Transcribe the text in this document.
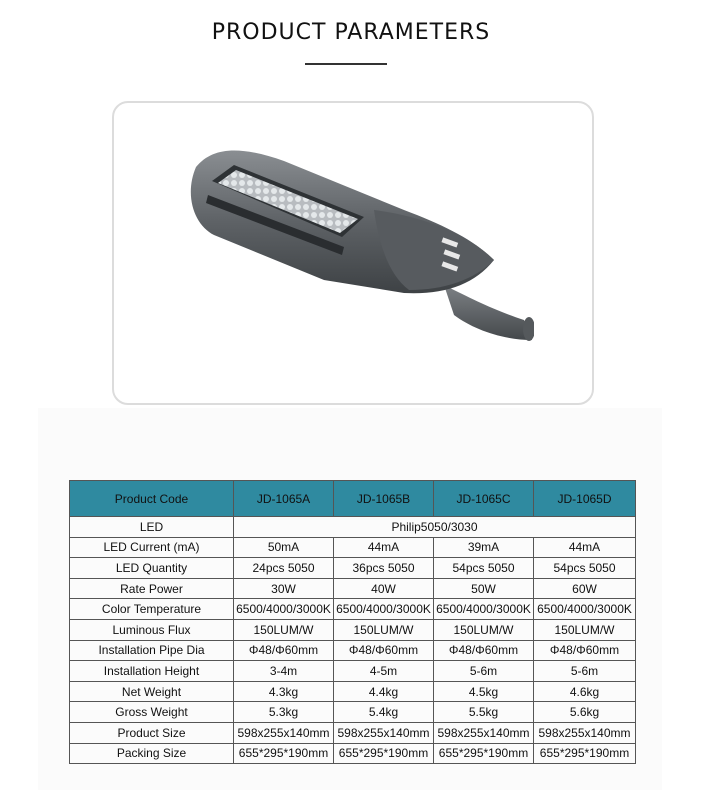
PRODUCT PARAMETERS
Product Code	JD-1065A	JD-1065B	JD-1065C	JD-1065D
LED	Philip5050/3030			
LED Current (mA)	50mA	44mA	39mA	44mA
LED Quantity	24pcs 5050	36pcs 5050	54pcs 5050	54pcs 5050
Rate Power	30W	40W	50W	60W
Color Temperature	6500/4000/3000K	6500/4000/3000K	6500/4000/3000K	6500/4000/3000K
Luminous Flux	150LUM/W	150LUM/W	150LUM/W	150LUM/W
Installation Pipe Dia	Φ48/Φ60mm	Φ48/Φ60mm	Φ48/Φ60mm	Φ48/Φ60mm
Installation Height	3-4m	4-5m	5-6m	5-6m
Net Weight	4.3kg	4.4kg	4.5kg	4.6kg
Gross Weight	5.3kg	5.4kg	5.5kg	5.6kg
Product Size	598x255x140mm	598x255x140mm	598x255x140mm	598x255x140mm
Packing Size	655*295*190mm	655*295*190mm	655*295*190mm	655*295*190mm
